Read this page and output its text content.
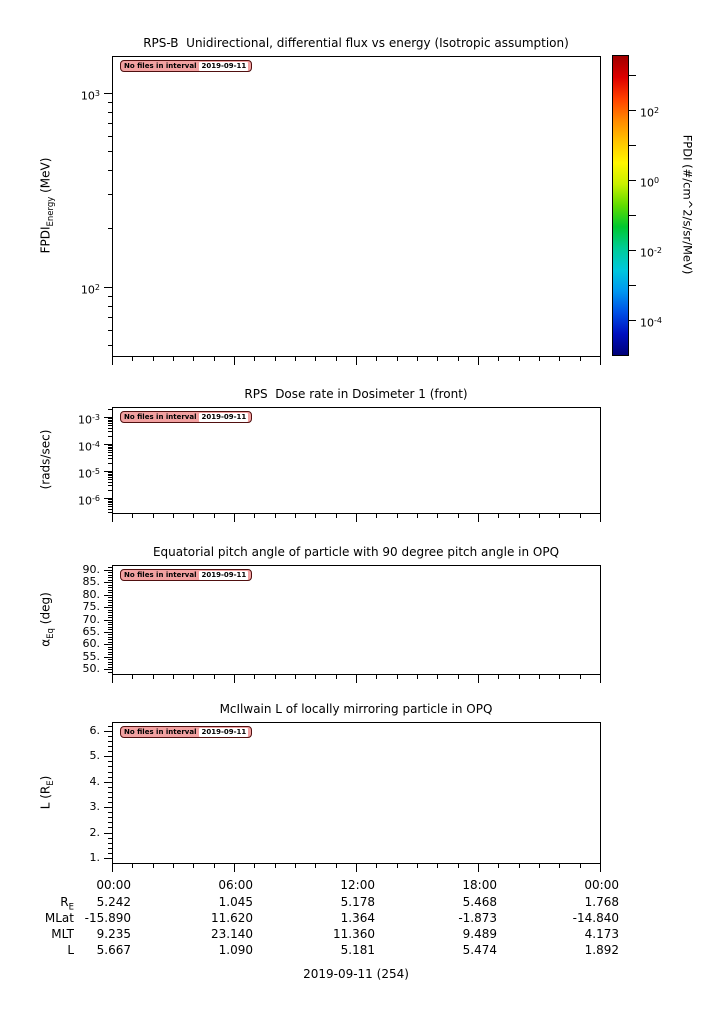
RPS-B  Unidirectional, differential flux vs energy (Isotropic assumption)
No files in interval 2019-09-11
$FPDI_{Energy}$ (MeV)
$10^2$
$10^3$
RPS  Dose rate in Dosimeter 1 (front)
No files in interval 2019-09-11
(rads/sec)
$10^{-6}$
$10^{-5}$
$10^{-4}$
$10^{-3}$
Equatorial pitch angle of particle with 90 degree pitch angle in OPQ
No files in interval 2019-09-11
$\alpha_{Eq}$ (deg)
50.
55.
60.
65.
70.
75.
80.
85.
90.
McIlwain L of locally mirroring particle in OPQ
No files in interval 2019-09-11
L $(R_E)$
1.
2.
3.
4.
5.
6.
FPDI (#/cm^2/s/sr/MeV)
00:00	06:00	12:00	18:00	00:00
$R_E$	5.242	1.045	5.178	5.468	1.768
MLat -15.890	11.620	1.364	-1.873	-14.840
MLT	9.235	23.140	11.360	9.489	4.173
L	5.667	1.090	5.181	5.474	1.892
2019-09-11 (254)
$10^{-4}$
$10^{-2}$
$10^0$
$10^2$
